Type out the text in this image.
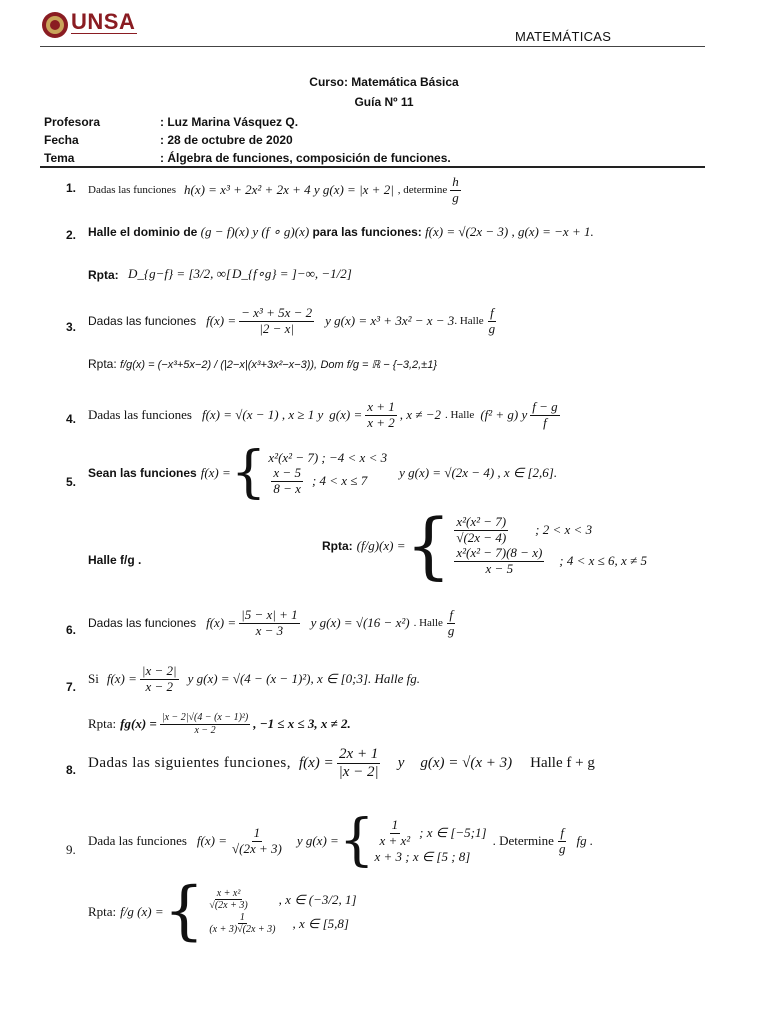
UNSA
MATEMÁTICAS
Curso: Matemática Básica
Guía Nº 11
Profesora	: Luz Marina Vásquez Q.
Fecha	: 28 de octubre de 2020
Tema	: Álgebra de funciones, composición de funciones.
1. Dadas las funciones h(x) = x³ + 2x² + 2x + 4 y g(x) = |x + 2| , determine $\frac{h}{g}$
2. Halle el dominio de (g − f)(x) y (f ∘ g)(x) para las funciones: f(x) = √(2x − 3) , g(x) = −x + 1.
Rpta: D_{g−f} = [3/2, ∞[ D_{f∘g} = ]−∞, −1/2]
3. Dadas las funciones $f(x) = \frac{\text{− x³ + 5x − 2}}{|2 - x|}$ y g(x) = x³ + 3x² − x − 3 . Halle $\frac{f}{g}$
Rpta: f/g(x) = (−x³+5x−2) / (|2−x|(x³+3x²−x−3)), Dom f/g = ℝ − {−3,2,±1}
4. Dadas las funciones f(x) = √(x − 1) , x ≥ 1 y $g(x) = \frac{x + 1}{x + 2}$ , x ≠ −2 . Halle (f² + g) y $\frac{f - g}{f}$
5.
Sean las funciones f(x) = { x²(x² − 7) ; −4 < x < 3
$\frac{x - 5}{8 - x}$ ; 4 < x ≤ 7
y g(x) = √(2x − 4) , x ∈ [2,6].
Halle f/g .
Rpta: (f/g)(x) = { $\frac{\text{x²(x² − 7)}}{√(2x - 4)}$ ; 2 < x < 3
$\frac{\text{x²(x² − 7)(8 − x)}}{x - 5}$ ; 4 < x ≤ 6, x ≠ 5
6. Dadas las funciones $f(x) = \frac{|5 - x| + 1}{x - 3}$ y g(x) = √(16 − x²) . Halle $\frac{f}{g}$
7.
Si $f(x) = \frac{|x - 2|}{x - 2}$ y g(x) = √(4 − (x − 1)²), x ∈ [0;3]. Halle fg.
Rpta: $fg(x) = \frac{\text{|x − 2|√(4 − (x − 1)²)}}{x - 2}$ , −1 ≤ x ≤ 3, x ≠ 2.
8. Dadas las siguientes funciones, $f(x) = \frac{2x + 1}{|x - 2|}$ y g(x) = √(x + 3) Halle f + g
9.
Dada las funciones $f(x) = \frac{1}{√(2x + 3)}$ y g(x) = { $\frac{1}{\text{x + x²}}$ ; x ∈ [−5;1]
x + 3 ; x ∈ [5 ; 8]
. Determine $\frac{f}{g}$ fg .
Rpta: f/g (x) = { $\frac{\text{x + x²}}{√(2x + 3)}$ , x ∈ (−3/2, 1]
$\frac{1}{(x + 3)√(2x + 3)}$ , x ∈ [5,8]
